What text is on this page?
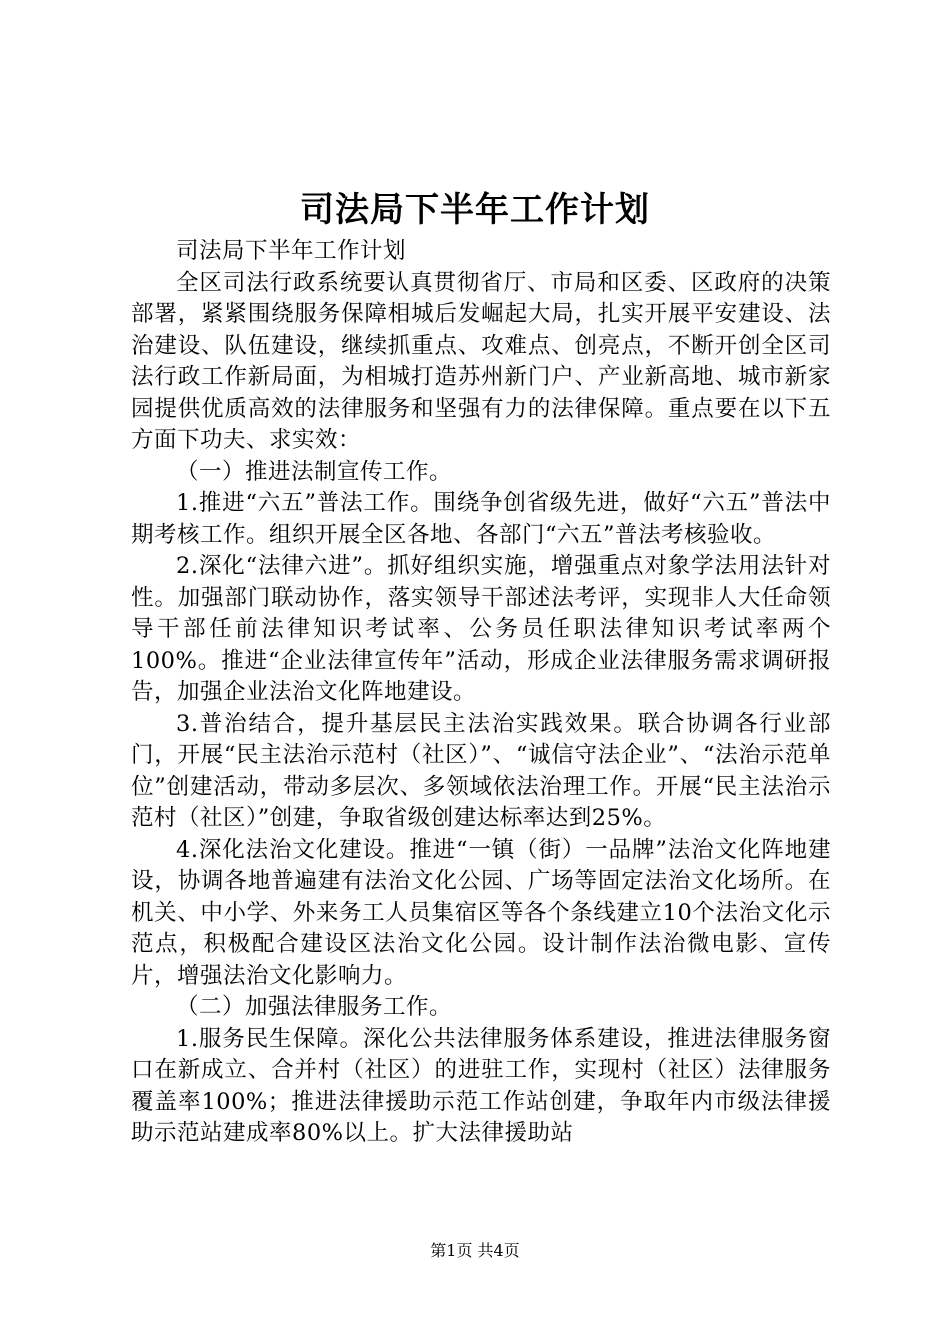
司法局下半年工作计划

司法局下半年工作计划

全区司法行政系统要认真贯彻省厅、市局和区委、区政府的决策部署，紧紧围绕服务保障相城后发崛起大局，扎实开展平安建设、法治建设、队伍建设，继续抓重点、攻难点、创亮点，不断开创全区司法行政工作新局面，为相城打造苏州新门户、产业新高地、城市新家园提供优质高效的法律服务和坚强有力的法律保障。重点要在以下五方面下功夫、求实效：

（一）推进法制宣传工作。

1.推进“六五”普法工作。围绕争创省级先进，做好“六五”普法中期考核工作。组织开展全区各地、各部门“六五”普法考核验收。

2.深化“法律六进”。抓好组织实施，增强重点对象学法用法针对性。加强部门联动协作，落实领导干部述法考评，实现非人大任命领导干部任前法律知识考试率、公务员任职法律知识考试率两个100%。推进“企业法律宣传年”活动，形成企业法律服务需求调研报告，加强企业法治文化阵地建设。

3.普治结合，提升基层民主法治实践效果。联合协调各行业部门，开展“民主法治示范村（社区）”、“诚信守法企业”、“法治示范单位”创建活动，带动多层次、多领域依法治理工作。开展“民主法治示范村（社区）”创建，争取省级创建达标率达到25%。

4.深化法治文化建设。推进“一镇（街）一品牌”法治文化阵地建设，协调各地普遍建有法治文化公园、广场等固定法治文化场所。在机关、中小学、外来务工人员集宿区等各个条线建立10个法治文化示范点，积极配合建设区法治文化公园。设计制作法治微电影、宣传片，增强法治文化影响力。

（二）加强法律服务工作。

1.服务民生保障。深化公共法律服务体系建设，推进法律服务窗口在新成立、合并村（社区）的进驻工作，实现村（社区）法律服务覆盖率100%；推进法律援助示范工作站创建，争取年内市级法律援助示范站建成率80%以上。扩大法律援助站

第1页 共4页
